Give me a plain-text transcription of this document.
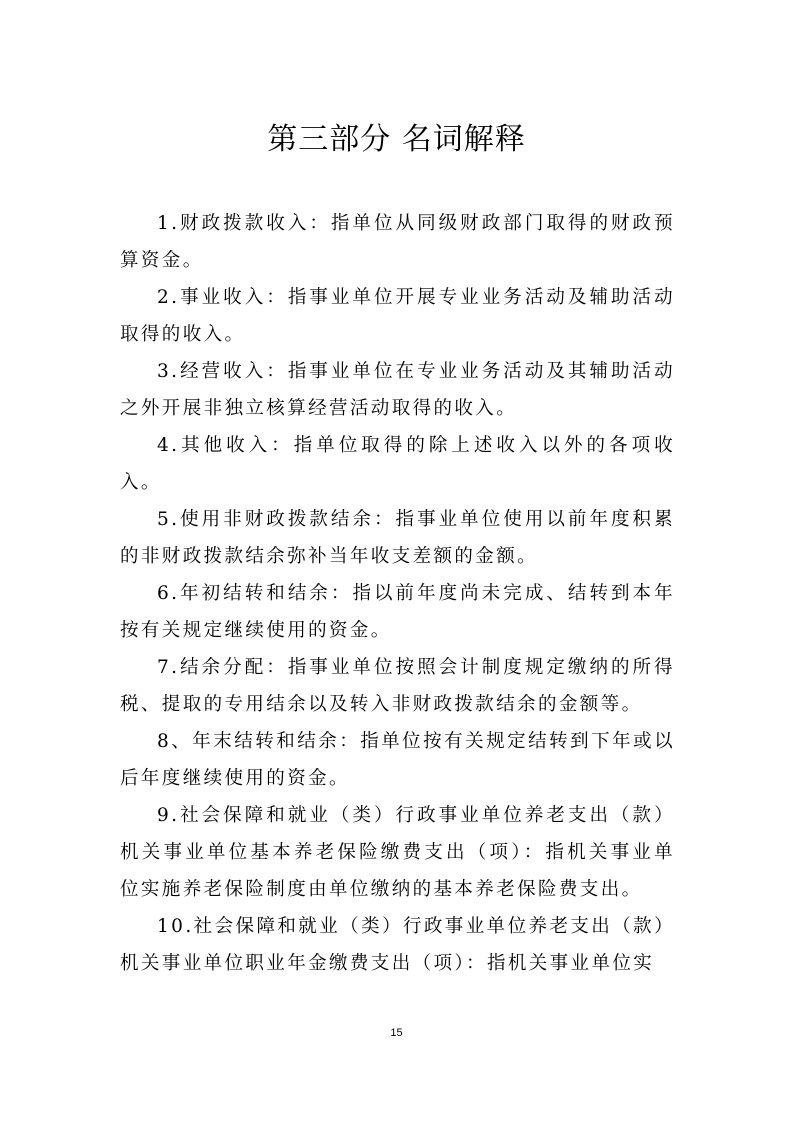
第三部分 名词解释

1.财政拨款收入：指单位从同级财政部门取得的财政预算资金。

2.事业收入：指事业单位开展专业业务活动及辅助活动取得的收入。

3.经营收入：指事业单位在专业业务活动及其辅助活动之外开展非独立核算经营活动取得的收入。

4.其他收入：指单位取得的除上述收入以外的各项收入。

5.使用非财政拨款结余：指事业单位使用以前年度积累的非财政拨款结余弥补当年收支差额的金额。

6.年初结转和结余：指以前年度尚未完成、结转到本年按有关规定继续使用的资金。

7.结余分配：指事业单位按照会计制度规定缴纳的所得税、提取的专用结余以及转入非财政拨款结余的金额等。

8、年末结转和结余：指单位按有关规定结转到下年或以后年度继续使用的资金。

9.社会保障和就业（类）行政事业单位养老支出（款）机关事业单位基本养老保险缴费支出（项）：指机关事业单位实施养老保险制度由单位缴纳的基本养老保险费支出。

10.社会保障和就业（类）行政事业单位养老支出（款）机关事业单位职业年金缴费支出（项）：指机关事业单位实

15
